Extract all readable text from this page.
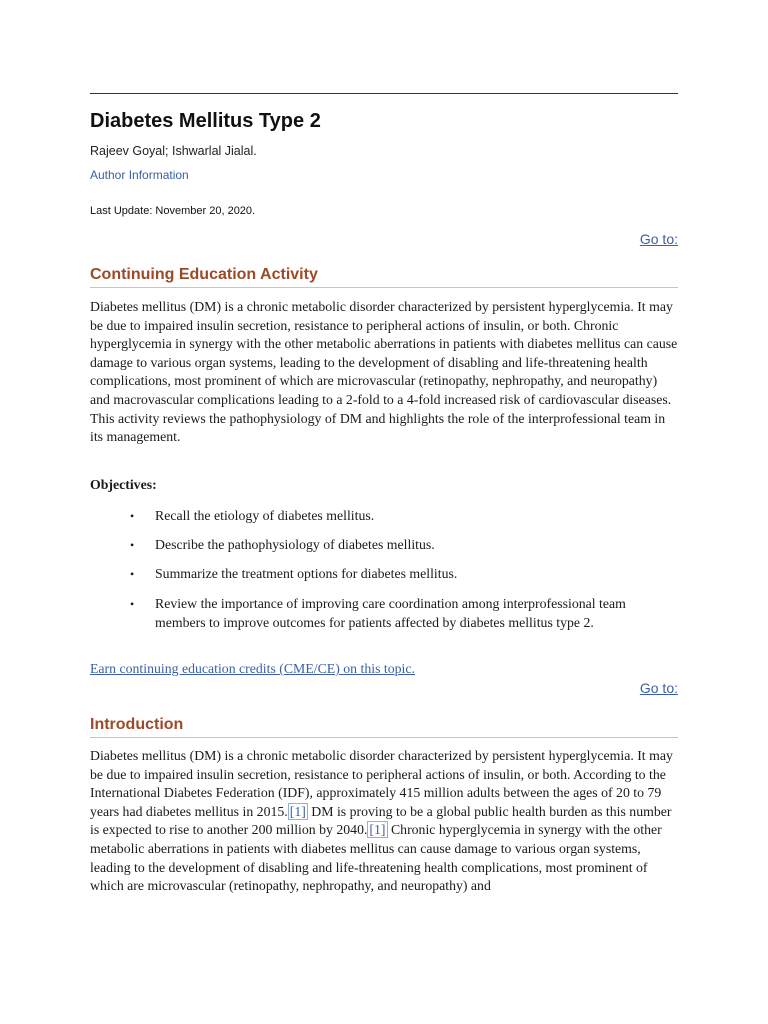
Diabetes Mellitus Type 2
Rajeev Goyal; Ishwarlal Jialal.
Author Information
Last Update: November 20, 2020.
Go to:
Continuing Education Activity

Diabetes mellitus (DM) is a chronic metabolic disorder characterized by persistent hyperglycemia. It may be due to impaired insulin secretion, resistance to peripheral actions of insulin, or both. Chronic hyperglycemia in synergy with the other metabolic aberrations in patients with diabetes mellitus can cause damage to various organ systems, leading to the development of disabling and life-threatening health complications, most prominent of which are microvascular (retinopathy, nephropathy, and neuropathy) and macrovascular complications leading to a 2-fold to a 4-fold increased risk of cardiovascular diseases. This activity reviews the pathophysiology of DM and highlights the role of the interprofessional team in its management.

Objectives:
• Recall the etiology of diabetes mellitus.
• Describe the pathophysiology of diabetes mellitus.
• Summarize the treatment options for diabetes mellitus.
• Review the importance of improving care coordination among interprofessional team members to improve outcomes for patients affected by diabetes mellitus type 2.
Earn continuing education credits (CME/CE) on this topic.
Go to:
Introduction

Diabetes mellitus (DM) is a chronic metabolic disorder characterized by persistent hyperglycemia. It may be due to impaired insulin secretion, resistance to peripheral actions of insulin, or both. According to the International Diabetes Federation (IDF), approximately 415 million adults between the ages of 20 to 79 years had diabetes mellitus in 2015. [1] DM is proving to be a global public health burden as this number is expected to rise to another 200 million by 2040. [1] Chronic hyperglycemia in synergy with the other metabolic aberrations in patients with diabetes mellitus can cause damage to various organ systems, leading to the development of disabling and life-threatening health complications, most prominent of which are microvascular (retinopathy, nephropathy, and neuropathy) and
